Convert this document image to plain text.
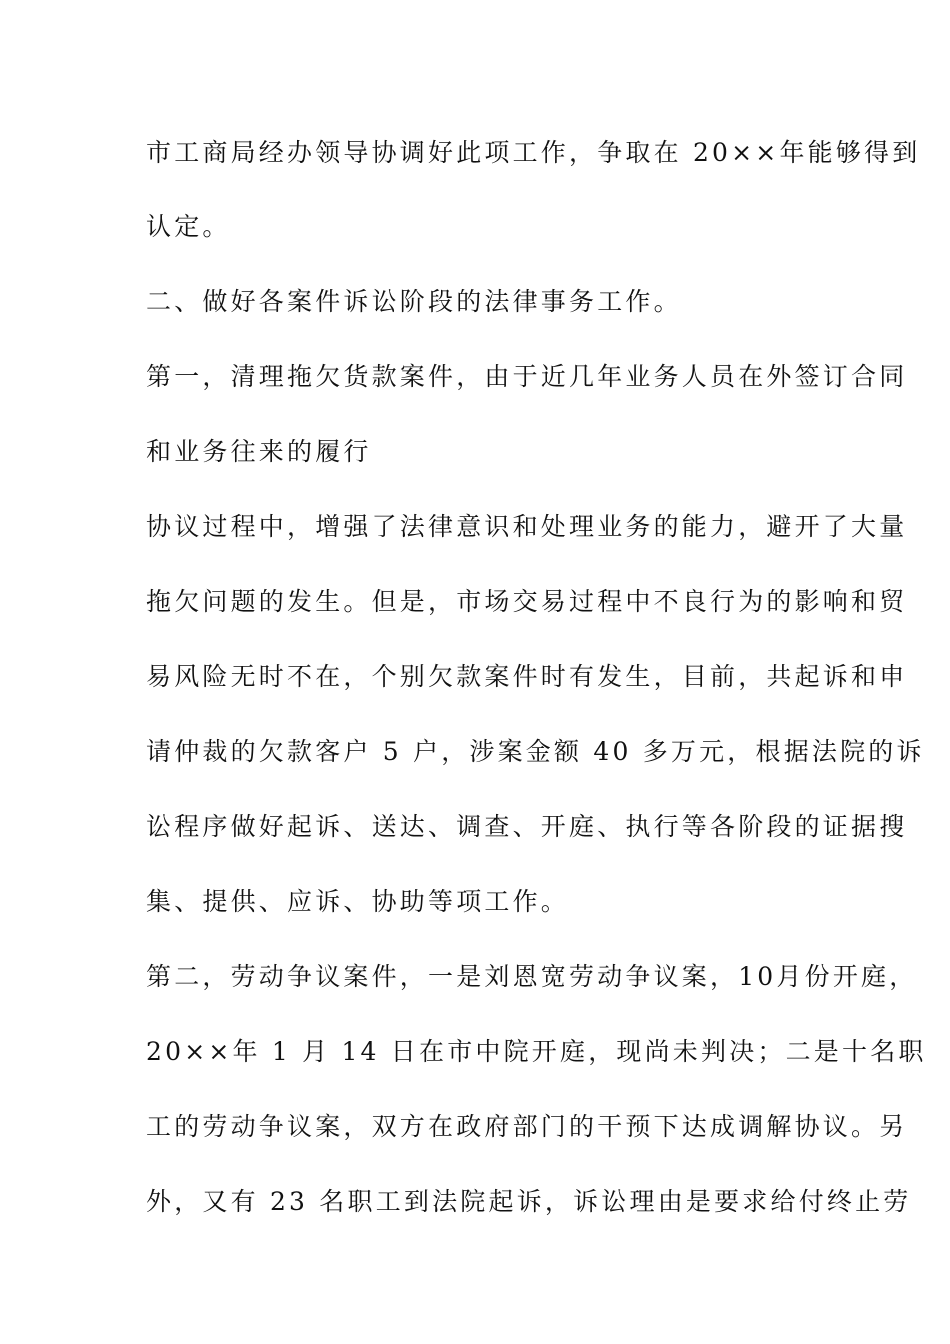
市工商局经办领导协调好此项工作，争取在 20××年能够得到
认定。
二、做好各案件诉讼阶段的法律事务工作。
第一，清理拖欠货款案件，由于近几年业务人员在外签订合同
和业务往来的履行
协议过程中，增强了法律意识和处理业务的能力，避开了大量
拖欠问题的发生。但是，市场交易过程中不良行为的影响和贸
易风险无时不在，个别欠款案件时有发生，目前，共起诉和申
请仲裁的欠款客户 5 户，涉案金额 40 多万元，根据法院的诉
讼程序做好起诉、送达、调查、开庭、执行等各阶段的证据搜
集、提供、应诉、协助等项工作。
第二，劳动争议案件，一是刘恩宽劳动争议案，10月份开庭，
20××年 1 月 14 日在市中院开庭，现尚未判决；二是十名职
工的劳动争议案，双方在政府部门的干预下达成调解协议。另
外，又有 23 名职工到法院起诉，诉讼理由是要求给付终止劳
